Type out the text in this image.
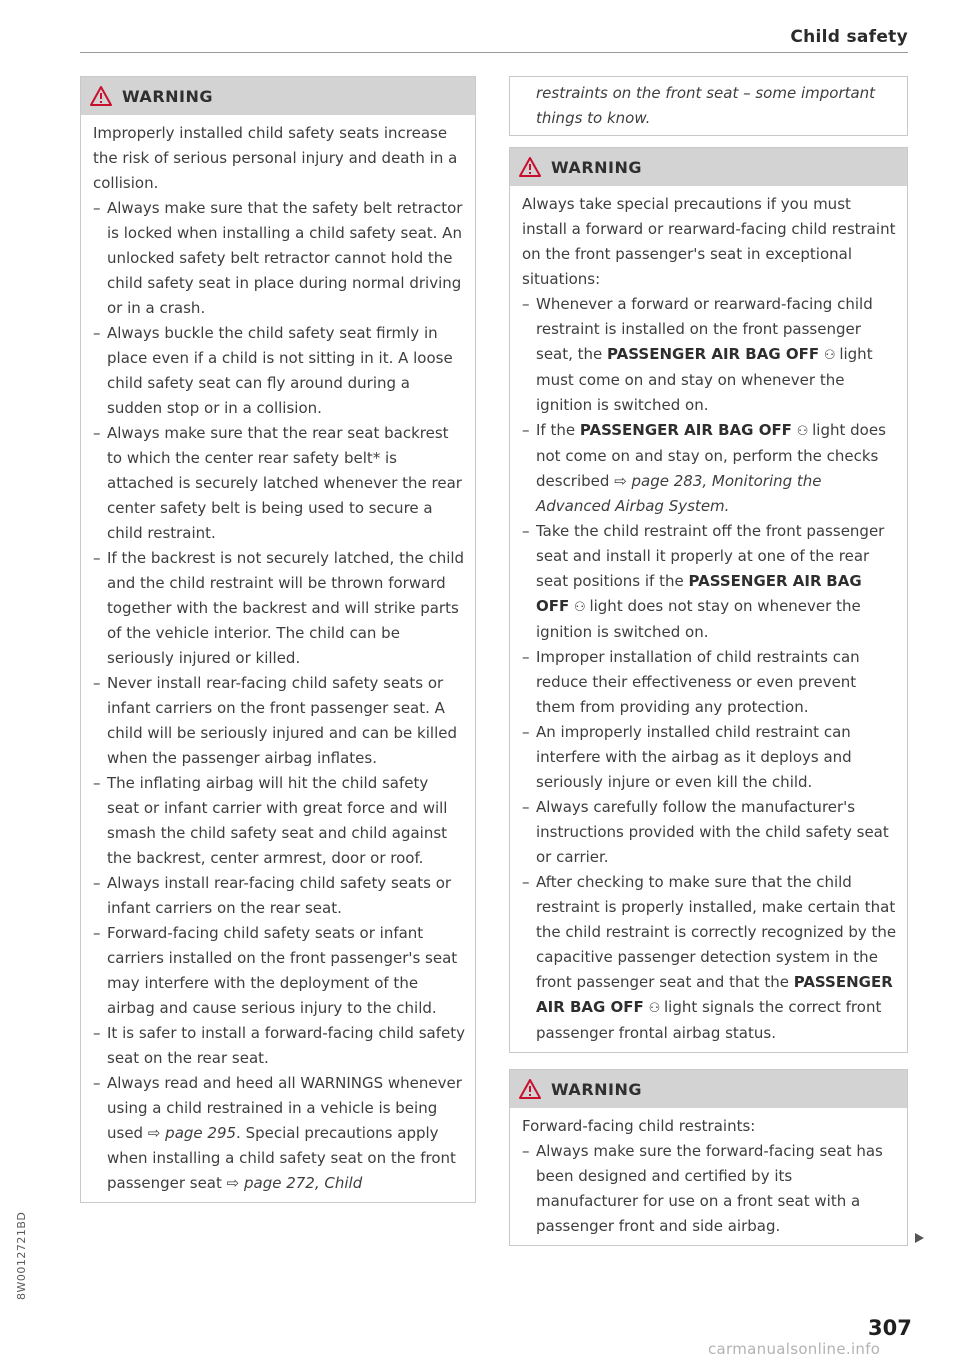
Child safety
WARNING

Improperly installed child safety seats increase the risk of serious personal injury and death in a collision.

– Always make sure that the safety belt retractor is locked when installing a child safety seat. An unlocked safety belt retractor cannot hold the child safety seat in place during normal driving or in a crash.
– Always buckle the child safety seat firmly in place even if a child is not sitting in it. A loose child safety seat can fly around during a sudden stop or in a collision.
– Always make sure that the rear seat backrest to which the center rear safety belt* is attached is securely latched whenever the rear center safety belt is being used to secure a child restraint.
– If the backrest is not securely latched, the child and the child restraint will be thrown forward together with the backrest and will strike parts of the vehicle interior. The child can be seriously injured or killed.
– Never install rear-facing child safety seats or infant carriers on the front passenger seat. A child will be seriously injured and can be killed when the passenger airbag inflates.
– The inflating airbag will hit the child safety seat or infant carrier with great force and will smash the child safety seat and child against the backrest, center armrest, door or roof.
– Always install rear-facing child safety seats or infant carriers on the rear seat.
– Forward-facing child safety seats or infant carriers installed on the front passenger's seat may interfere with the deployment of the airbag and cause serious injury to the child.
– It is safer to install a forward-facing child safety seat on the rear seat.
– Always read and heed all WARNINGS whenever using a child restrained in a vehicle is being used ⇨ page 295. Special precautions apply when installing a child safety seat on the front passenger seat ⇨ page 272, Child
restraints on the front seat – some important things to know.
WARNING

Always take special precautions if you must install a forward or rearward-facing child restraint on the front passenger's seat in exceptional situations:

– Whenever a forward or rearward-facing child restraint is installed on the front passenger seat, the PASSENGER AIR BAG OFF ⚇ light must come on and stay on whenever the ignition is switched on.
– If the PASSENGER AIR BAG OFF ⚇ light does not come on and stay on, perform the checks described ⇨ page 283, Monitoring the Advanced Airbag System.
– Take the child restraint off the front passenger seat and install it properly at one of the rear seat positions if the PASSENGER AIR BAG OFF ⚇ light does not stay on whenever the ignition is switched on.
– Improper installation of child restraints can reduce their effectiveness or even prevent them from providing any protection.
– An improperly installed child restraint can interfere with the airbag as it deploys and seriously injure or even kill the child.
– Always carefully follow the manufacturer's instructions provided with the child safety seat or carrier.
– After checking to make sure that the child restraint is properly installed, make certain that the child restraint is correctly recognized by the capacitive passenger detection system in the front passenger seat and that the PASSENGER AIR BAG OFF ⚇ light signals the correct front passenger frontal airbag status.
WARNING

Forward-facing child restraints:

– Always make sure the forward-facing seat has been designed and certified by its manufacturer for use on a front seat with a passenger front and side airbag.
8W0012721BD
307
carmanualsonline.info
